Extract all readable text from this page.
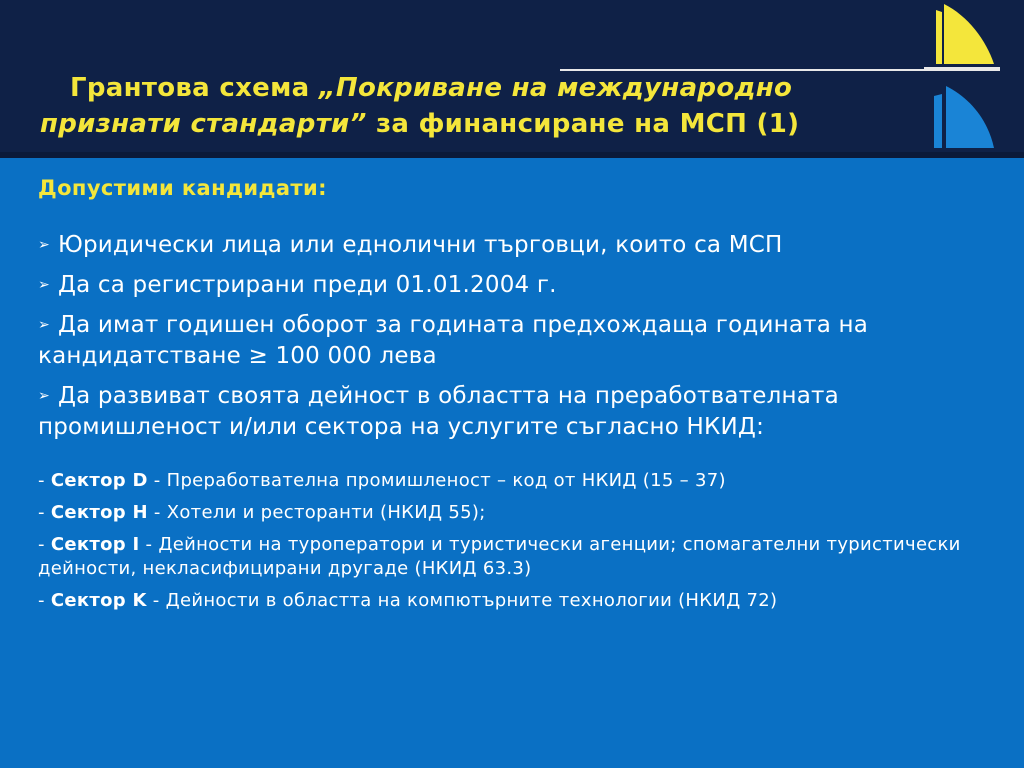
Грантова схема „Покриване на международно
признати стандарти” за финансиране на МСП (1)
Допустими кандидати:
➢ Юридически лица или еднолични търговци, които са МСП
➢ Да са регистрирани преди 01.01.2004 г.
➢ Да имат годишен оборот за годината предхождаща годината на кандидатстване ≥ 100 000 лева
➢ Да развиват своята дейност в областта на преработвателната промишленост и/или сектора на услугите съгласно НКИД:
- Сектор D - Преработвателна промишленост – код от НКИД (15 – 37)
- Сектор H - Хотели и ресторанти (НКИД 55);
- Сектор I - Дейности на туроператори и туристически агенции; спомагателни туристически дейности, некласифицирани другаде (НКИД 63.3)
- Сектор K - Дейности в областта на компютърните технологии (НКИД 72)
